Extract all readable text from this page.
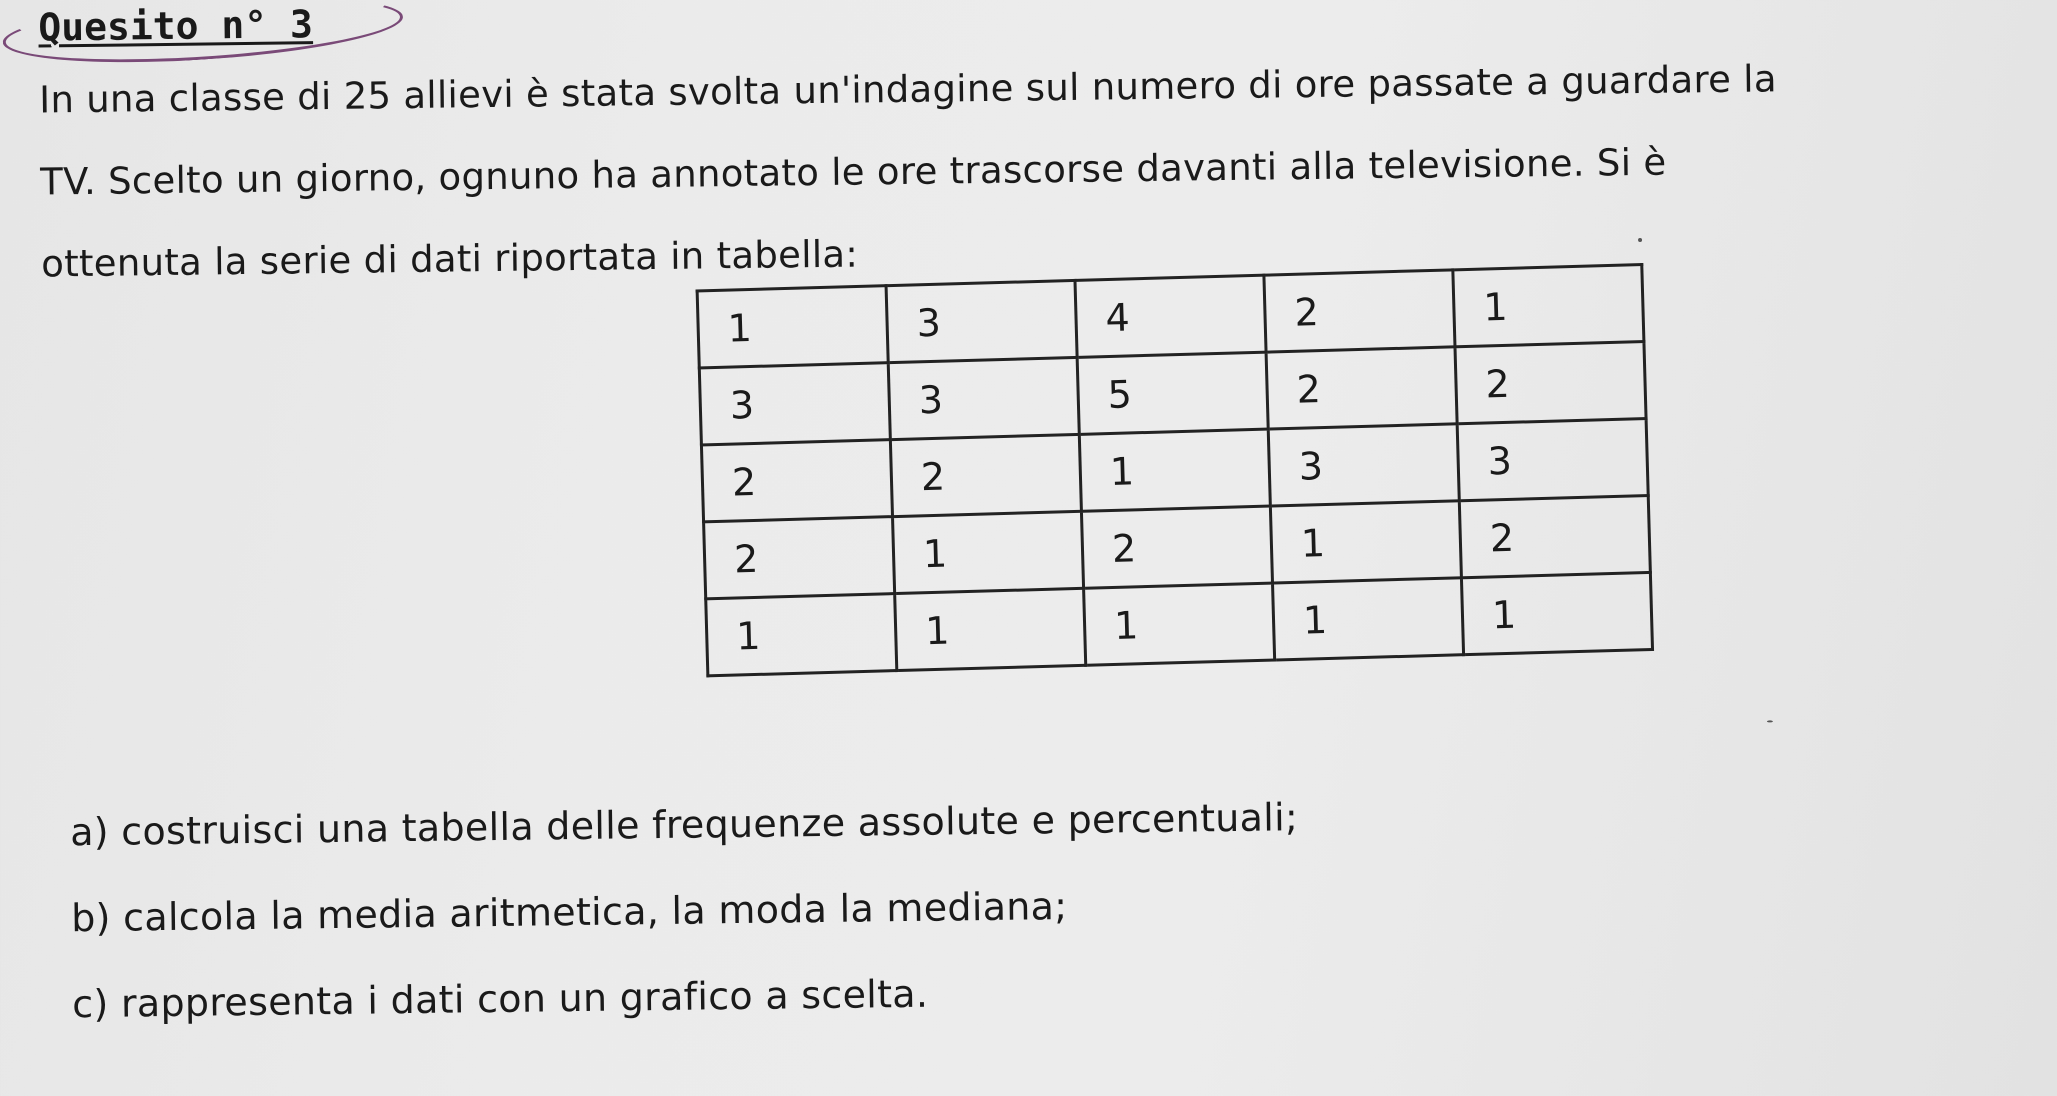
Quesito n° 3

In una classe di 25 allievi è stata svolta un'indagine sul numero di ore passate a guardare la

TV. Scelto un giorno, ognuno ha annotato le ore trascorse davanti alla televisione. Si è

ottenuta la serie di dati riportata in tabella:

1	3	4	2	1
3	3	5	2	2
2	2	1	3	3
2	1	2	1	2
1	1	1	1	1

a) costruisci una tabella delle frequenze assolute e percentuali;

b) calcola la media aritmetica, la moda la mediana;

c) rappresenta i dati con un grafico a scelta.
